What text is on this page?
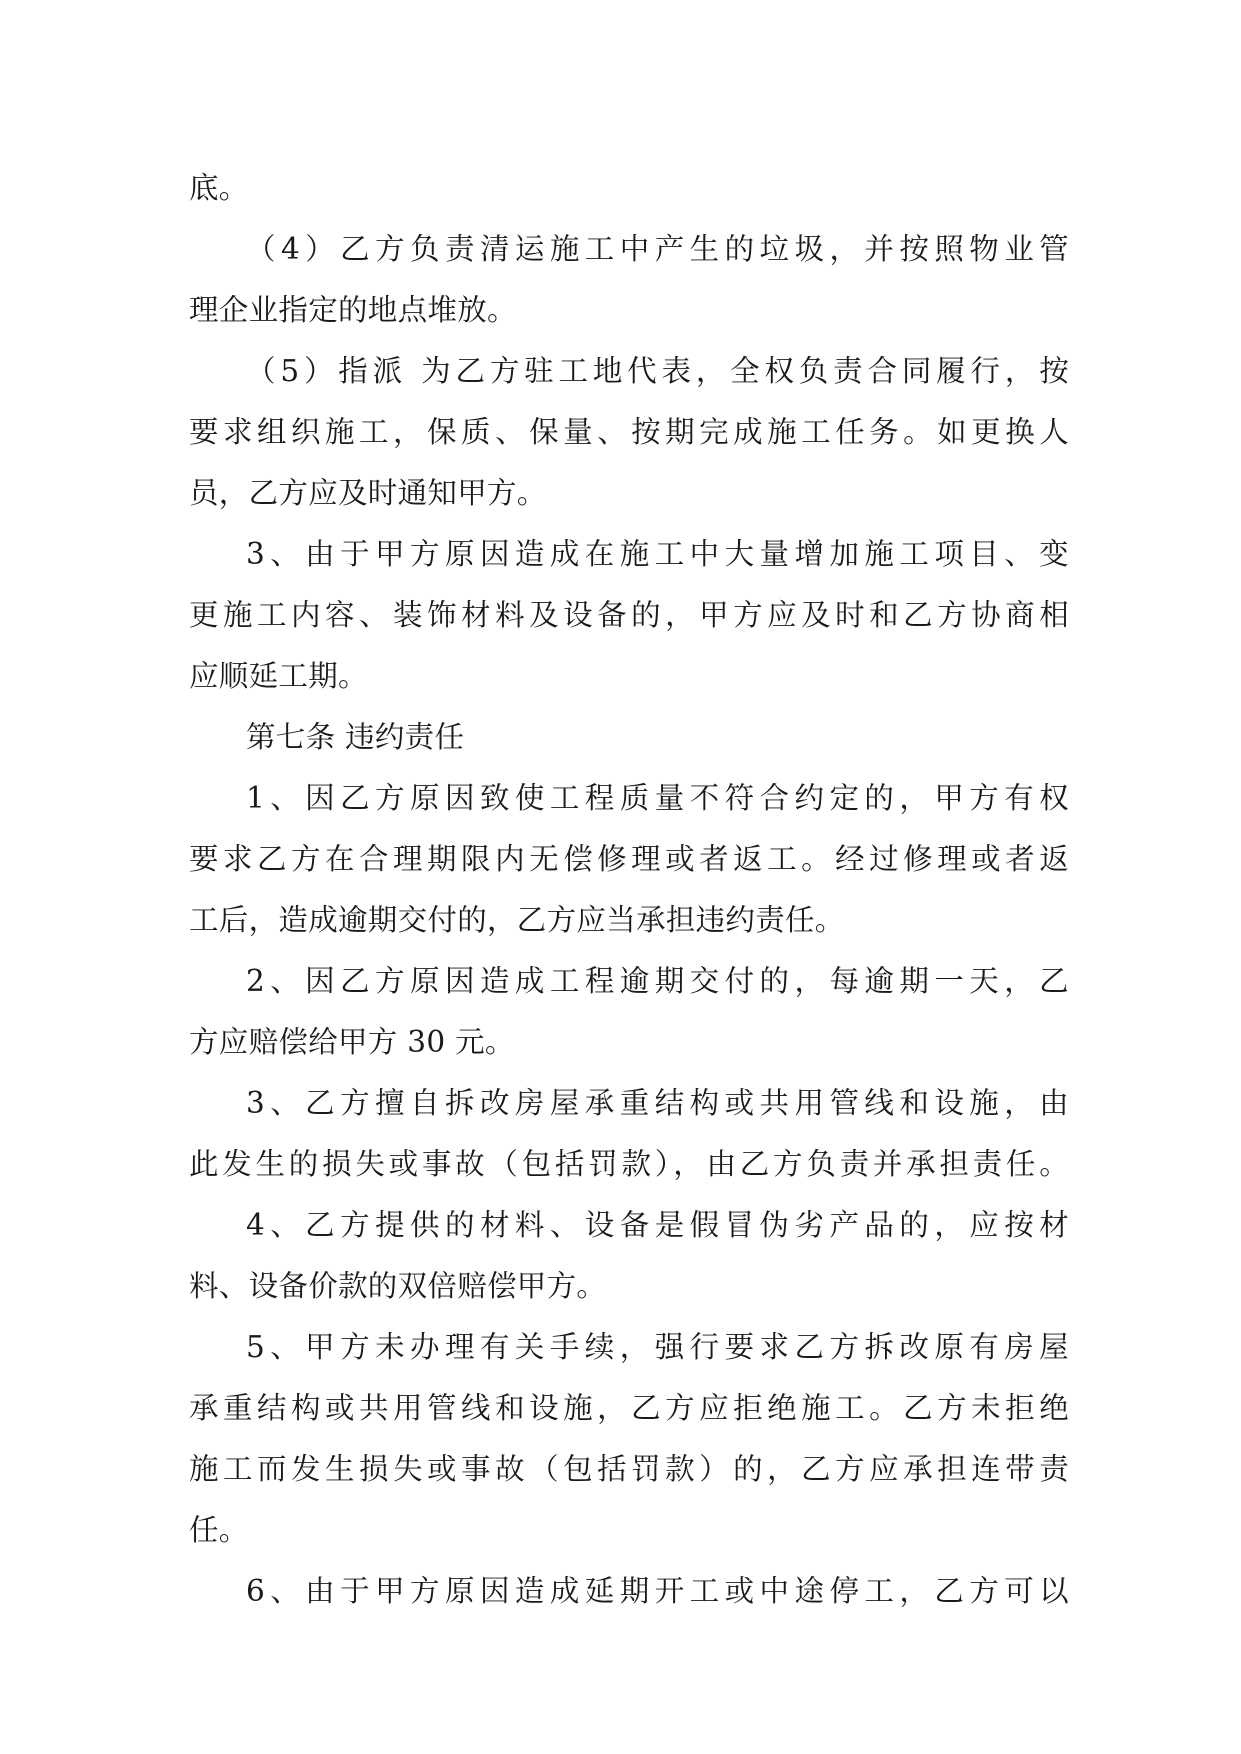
底。
（4）乙方负责清运施工中产生的垃圾，并按照物业管
理企业指定的地点堆放。
（5）指派 为乙方驻工地代表，全权负责合同履行，按
要求组织施工，保质、保量、按期完成施工任务。如更换人
员，乙方应及时通知甲方。
3、由于甲方原因造成在施工中大量增加施工项目、变
更施工内容、装饰材料及设备的，甲方应及时和乙方协商相
应顺延工期。
第七条 违约责任
1、因乙方原因致使工程质量不符合约定的，甲方有权
要求乙方在合理期限内无偿修理或者返工。经过修理或者返
工后，造成逾期交付的，乙方应当承担违约责任。
2、因乙方原因造成工程逾期交付的，每逾期一天，乙
方应赔偿给甲方 30 元。
3、乙方擅自拆改房屋承重结构或共用管线和设施，由
此发生的损失或事故（包括罚款），由乙方负责并承担责任。
4、乙方提供的材料、设备是假冒伪劣产品的，应按材
料、设备价款的双倍赔偿甲方。
5、甲方未办理有关手续，强行要求乙方拆改原有房屋
承重结构或共用管线和设施，乙方应拒绝施工。乙方未拒绝
施工而发生损失或事故（包括罚款）的，乙方应承担连带责
任。
6、由于甲方原因造成延期开工或中途停工，乙方可以
